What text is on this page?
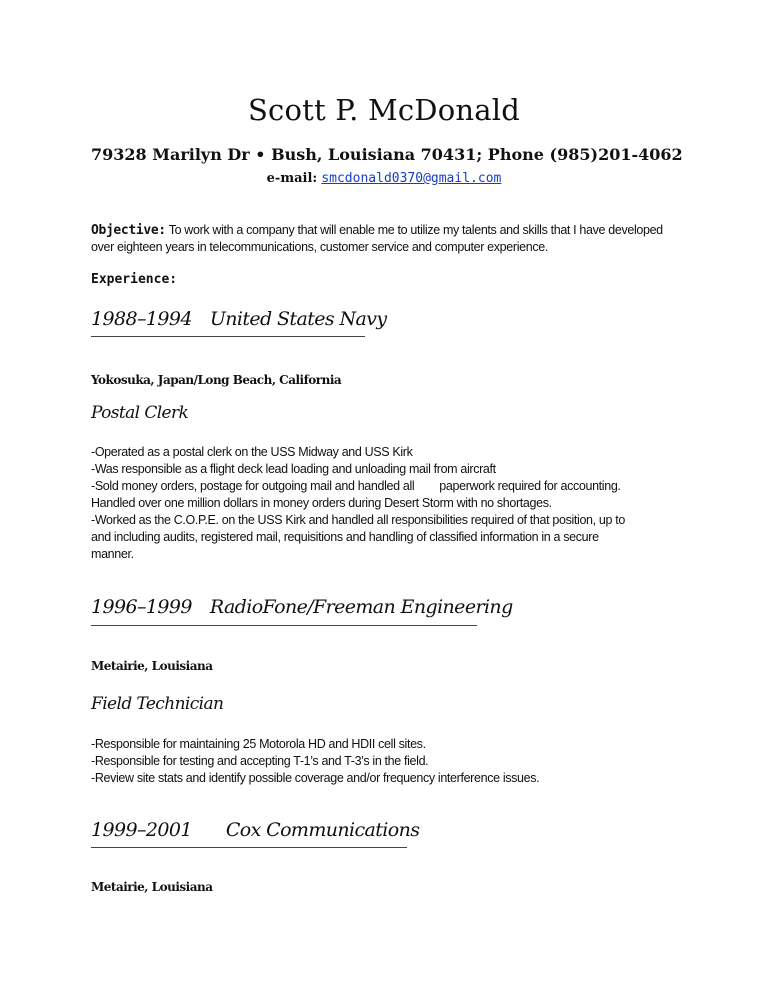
Scott P. McDonald
79328 Marilyn Dr • Bush, Louisiana 70431; Phone (985)201-4062
e-mail: smcdonald0370@gmail.com
Objective: To work with a company that will enable me to utilize my talents and skills that I have developed over eighteen years in telecommunications, customer service and computer experience.
Experience:
1988–1994 United States Navy
Yokosuka, Japan/Long Beach, California
Postal Clerk
-Operated as a postal clerk on the USS Midway and USS Kirk
-Was responsible as a flight deck lead loading and unloading mail from aircraft
-Sold money orders, postage for outgoing mail and handled all        paperwork required for accounting.
Handled over one million dollars in money orders during Desert Storm with no shortages.
-Worked as the C.O.P.E. on the USS Kirk and handled all responsibilities required of that position, up to
and including audits, registered mail, requisitions and handling of classified information in a secure
manner.
1996–1999 RadioFone/Freeman Engineering
Metairie, Louisiana
Field Technician
-Responsible for maintaining 25 Motorola HD and HDII cell sites.
-Responsible for testing and accepting T-1’s and T-3’s in the field.
-Review site stats and identify possible coverage and/or frequency interference issues.
1999–2001 Cox Communications
Metairie, Louisiana
